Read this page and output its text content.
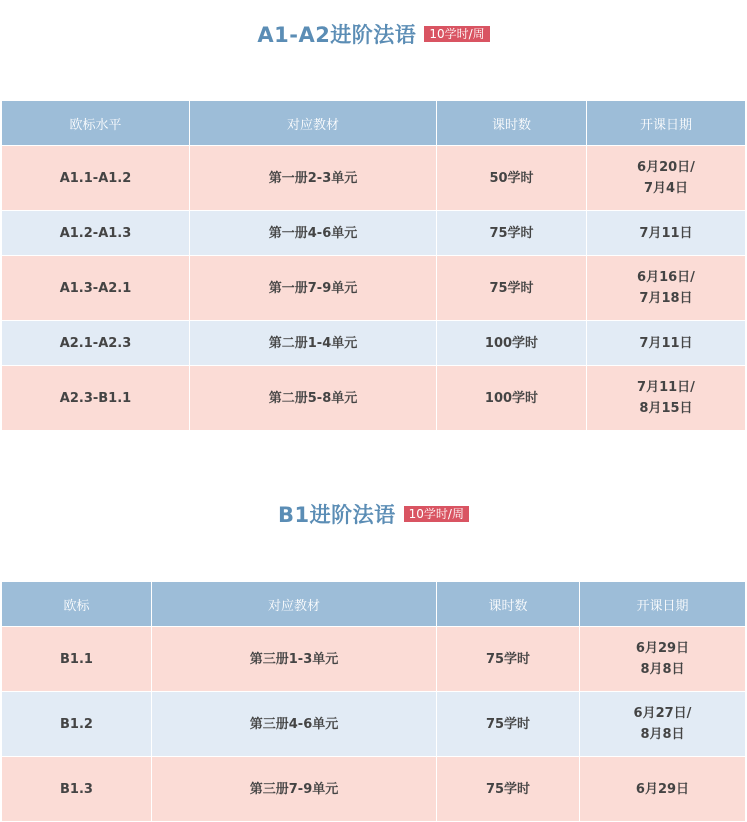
A1-A2进阶法语	10学时/周
欧标水平	对应教材	课时数	开课日期
A1.1-A1.2	第一册2-3单元	50学时	6月20日/
7月4日

A1.2-A1.3	第一册4-6单元	75学时	7月11日

A1.3-A2.1	第一册7-9单元	75学时	6月16日/
7月18日

A2.1-A2.3	第二册1-4单元	100学时	7月11日

A2.3-B1.1	第二册5-8单元	100学时	7月11日/
8月15日
B1进阶法语	10学时/周
欧标	对应教材	课时数	开课日期
B1.1	第三册1-3单元	75学时	6月29日
8月8日

B1.2	第三册4-6单元	75学时	6月27日/
8月8日

B1.3	第三册7-9单元	75学时	6月29日
